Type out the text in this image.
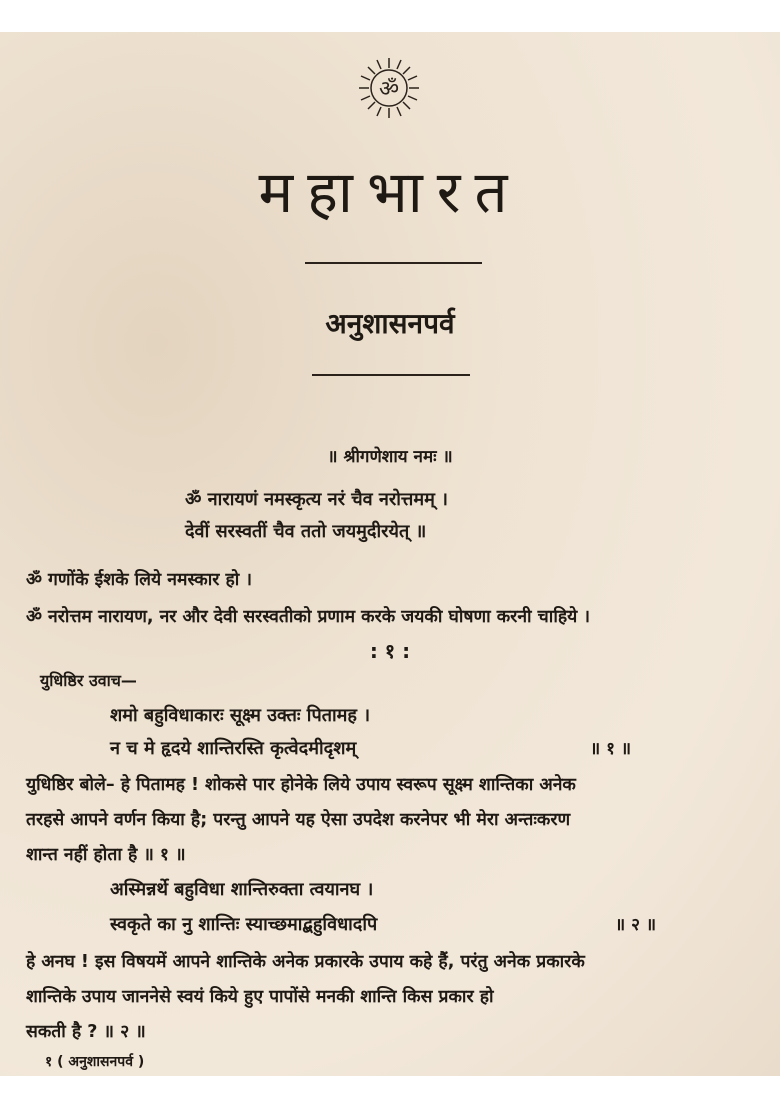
ॐ
महाभारत
अनुशासनपर्व
॥ श्रीगणेशाय नमः ॥
ॐ नारायणं नमस्कृत्य नरं चैव नरोत्तमम् ।
देवीं सरस्वतीं चैव ततो जयमुदीरयेत् ॥
ॐ गणोंके ईशके लिये नमस्कार हो ।
ॐ नरोत्तम नारायण, नर और देवी सरस्वतीको प्रणाम करके जयकी घोषणा करनी चाहिये ।
: १ :
युधिष्ठिर उवाच—
शमो बहुविधाकारः सूक्ष्म उक्तः पितामह ।
न च मे हृदये शान्तिरस्ति कृत्वेदमीदृशम्	॥ १ ॥
युधिष्ठिर बोले– हे पितामह ! शोकसे पार होनेके लिये उपाय स्वरूप सूक्ष्म शान्तिका अनेक
तरहसे आपने वर्णन किया है; परन्तु आपने यह ऐसा उपदेश करनेपर भी मेरा अन्तःकरण
शान्त नहीं होता है ॥ १ ॥
अस्मिन्नर्थे बहुविधा शान्तिरुक्ता त्वयानघ ।
स्वकृते का नु शान्तिः स्याच्छमाद्बहुविधादपि	॥ २ ॥
हे अनघ ! इस विषयमें आपने शान्तिके अनेक प्रकारके उपाय कहे हैं, परंतु अनेक प्रकारके
शान्तिके उपाय जाननेसे स्वयं किये हुए पापोंसे मनकी शान्ति किस प्रकार हो
सकती है ? ॥ २ ॥
१ ( अनुशासनपर्व )
